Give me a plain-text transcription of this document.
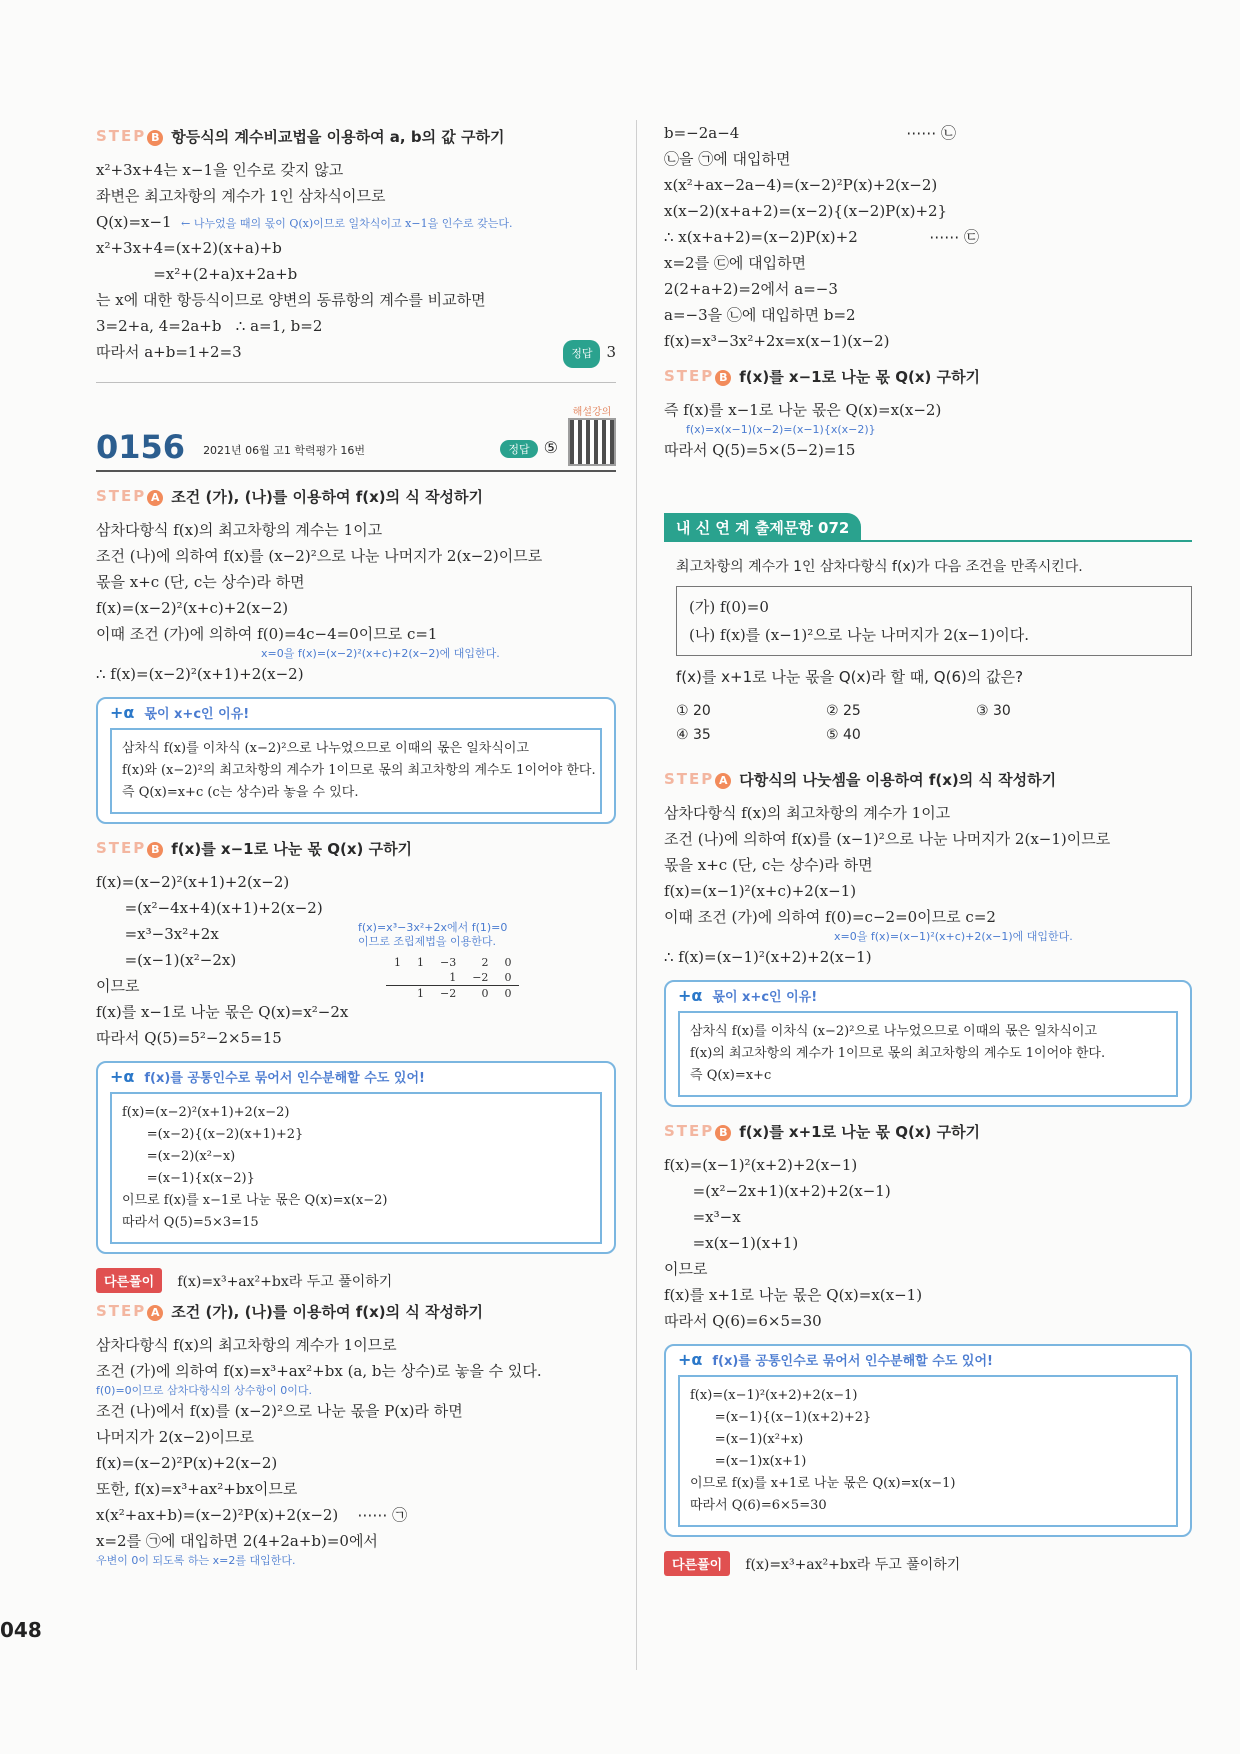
STEP B 항등식의 계수비교법을 이용하여 a, b의 값 구하기
x²+3x+4는 x−1을 인수로 갖지 않고
좌변은 최고차항의 계수가 1인 삼차식이므로
Q(x)=x−1 ← 나누었을 때의 몫이 Q(x)이므로 일차식이고 x−1을 인수로 갖는다.
x²+3x+4=(x+2)(x+a)+b
=x²+(2+a)x+2a+b
는 x에 대한 항등식이므로 양변의 동류항의 계수를 비교하면
3=2+a, 4=2a+b   ∴ a=1, b=2
따라서 a+b=1+2=3	정답 3
0156 2021년 06월 고1 학력평가 16번	정답 ⑤
해설강의
STEP A 조건 (가), (나)를 이용하여 f(x)의 식 작성하기
삼차다항식 f(x)의 최고차항의 계수는 1이고
조건 (나)에 의하여 f(x)를 (x−2)²으로 나눈 나머지가 2(x−2)이므로
몫을 x+c (단, c는 상수)라 하면
f(x)=(x−2)²(x+c)+2(x−2)
이때 조건 (가)에 의하여 f(0)=4c−4=0이므로 c=1
x=0을 f(x)=(x−2)²(x+c)+2(x−2)에 대입한다.
∴ f(x)=(x−2)²(x+1)+2(x−2)
+α 몫이 x+c인 이유!
삼차식 f(x)를 이차식 (x−2)²으로 나누었으므로 이때의 몫은 일차식이고
f(x)와 (x−2)²의 최고차항의 계수가 1이므로 몫의 최고차항의 계수도 1이어야 한다.
즉 Q(x)=x+c (c는 상수)라 놓을 수 있다.
STEP B f(x)를 x−1로 나눈 몫 Q(x) 구하기
f(x)=(x−2)²(x+1)+2(x−2)
=(x²−4x+4)(x+1)+2(x−2)
=x³−3x²+2x
=(x−1)(x²−2x)
이므로
f(x)를 x−1로 나눈 몫은 Q(x)=x²−2x
따라서 Q(5)=5²−2×5=15
f(x)=x³−3x²+2x에서 f(1)=0
이므로 조립제법을 이용한다.
1	1	−3	2	0
		1	−2	0
	1	−2	0	0
+α f(x)를 공통인수로 묶어서 인수분해할 수도 있어!
f(x)=(x−2)²(x+1)+2(x−2)
=(x−2){(x−2)(x+1)+2}
=(x−2)(x²−x)
=(x−1){x(x−2)}
이므로 f(x)를 x−1로 나눈 몫은 Q(x)=x(x−2)
따라서 Q(5)=5×3=15
다른풀이 f(x)=x³+ax²+bx라 두고 풀이하기
STEP A 조건 (가), (나)를 이용하여 f(x)의 식 작성하기
삼차다항식 f(x)의 최고차항의 계수가 1이므로
조건 (가)에 의하여 f(x)=x³+ax²+bx (a, b는 상수)로 놓을 수 있다.
f(0)=0이므로 삼차다항식의 상수항이 0이다.
조건 (나)에서 f(x)를 (x−2)²으로 나눈 몫을 P(x)라 하면
나머지가 2(x−2)이므로
f(x)=(x−2)²P(x)+2(x−2)
또한, f(x)=x³+ax²+bx이므로
x(x²+ax+b)=(x−2)²P(x)+2(x−2)    ⋯⋯ ㉠
x=2를 ㉠에 대입하면 2(4+2a+b)=0에서
우변이 0이 되도록 하는 x=2를 대입한다.
b=−2a−4                                   ⋯⋯ ㉡
㉡을 ㉠에 대입하면
x(x²+ax−2a−4)=(x−2)²P(x)+2(x−2)
x(x−2)(x+a+2)=(x−2){(x−2)P(x)+2}
∴ x(x+a+2)=(x−2)P(x)+2               ⋯⋯ ㉢
x=2를 ㉢에 대입하면
2(2+a+2)=2에서 a=−3
a=−3을 ㉡에 대입하면 b=2
f(x)=x³−3x²+2x=x(x−1)(x−2)
STEP B f(x)를 x−1로 나눈 몫 Q(x) 구하기
즉 f(x)를 x−1로 나눈 몫은 Q(x)=x(x−2)
f(x)=x(x−1)(x−2)=(x−1){x(x−2)}
따라서 Q(5)=5×(5−2)=15
내 신 연 계 출제문항 072
최고차항의 계수가 1인 삼차다항식 f(x)가 다음 조건을 만족시킨다.
(가) f(0)=0
(나) f(x)를 (x−1)²으로 나눈 나머지가 2(x−1)이다.
f(x)를 x+1로 나눈 몫을 Q(x)라 할 때, Q(6)의 값은?
① 20	② 25	③ 30
④ 35	⑤ 40
STEP A 다항식의 나눗셈을 이용하여 f(x)의 식 작성하기
삼차다항식 f(x)의 최고차항의 계수가 1이고
조건 (나)에 의하여 f(x)를 (x−1)²으로 나눈 나머지가 2(x−1)이므로
몫을 x+c (단, c는 상수)라 하면
f(x)=(x−1)²(x+c)+2(x−1)
이때 조건 (가)에 의하여 f(0)=c−2=0이므로 c=2
x=0을 f(x)=(x−1)²(x+c)+2(x−1)에 대입한다.
∴ f(x)=(x−1)²(x+2)+2(x−1)
+α 몫이 x+c인 이유!
삼차식 f(x)를 이차식 (x−2)²으로 나누었으므로 이때의 몫은 일차식이고
f(x)의 최고차항의 계수가 1이므로 몫의 최고차항의 계수도 1이어야 한다.
즉 Q(x)=x+c
STEP B f(x)를 x+1로 나눈 몫 Q(x) 구하기
f(x)=(x−1)²(x+2)+2(x−1)
=(x²−2x+1)(x+2)+2(x−1)
=x³−x
=x(x−1)(x+1)
이므로
f(x)를 x+1로 나눈 몫은 Q(x)=x(x−1)
따라서 Q(6)=6×5=30
+α f(x)를 공통인수로 묶어서 인수분해할 수도 있어!
f(x)=(x−1)²(x+2)+2(x−1)
=(x−1){(x−1)(x+2)+2}
=(x−1)(x²+x)
=(x−1)x(x+1)
이므로 f(x)를 x+1로 나눈 몫은 Q(x)=x(x−1)
따라서 Q(6)=6×5=30
다른풀이 f(x)=x³+ax²+bx라 두고 풀이하기
048
